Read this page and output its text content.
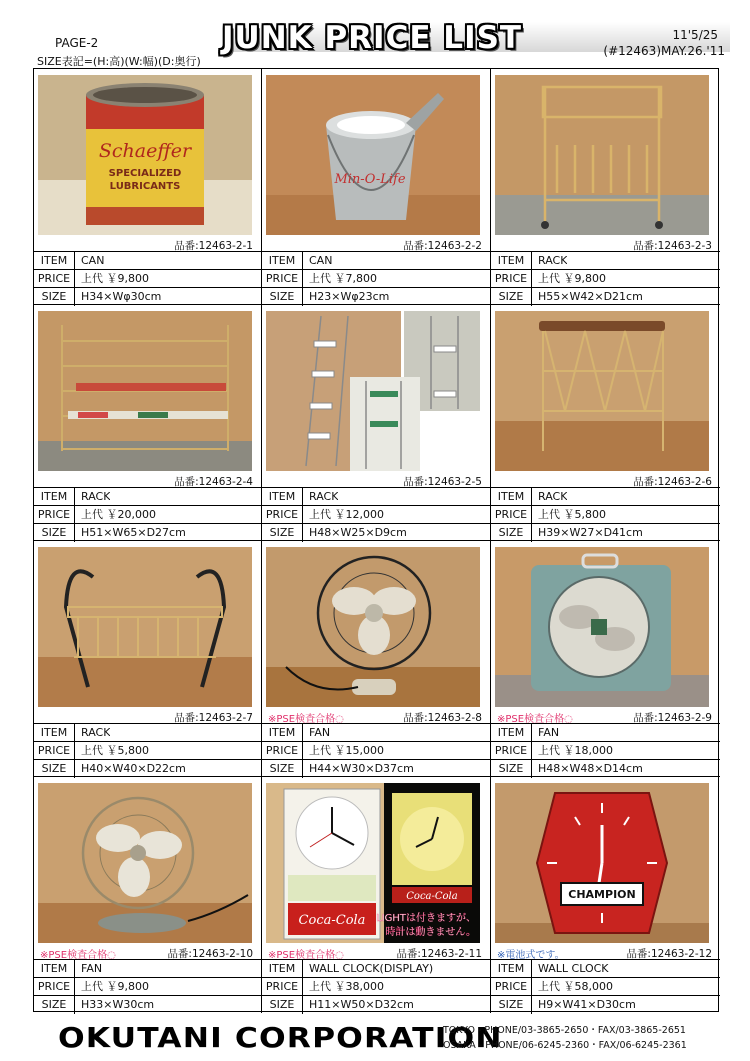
PAGE-2
SIZE表記=(H:高)(W:幅)(D:奥行)
JUNK PRICE LIST	11'5/25
(#12463)MAY.26.'11
Schaeffer
SPECIALIZED
LUBRICANTS
品番:12463-2-1
ITEM	CAN
PRICE 上代 ￥9,800
SIZE	H34×Wφ30cm
Min-O-Life
品番:12463-2-2
ITEM	CAN
PRICE 上代 ￥7,800
SIZE	H23×Wφ23cm
品番:12463-2-3
ITEM	RACK
PRICE 上代 ￥9,800
SIZE	H55×W42×D21cm
品番:12463-2-4
ITEM	RACK
PRICE 上代 ￥20,000
SIZE	H51×W65×D27cm
品番:12463-2-5
ITEM	RACK
PRICE 上代 ￥12,000
SIZE	H48×W25×D9cm
品番:12463-2-6
ITEM	RACK
PRICE 上代 ￥5,800
SIZE	H39×W27×D41cm
品番:12463-2-7
ITEM	RACK
PRICE 上代 ￥5,800
SIZE	H40×W40×D22cm
※PSE検査合格◌	品番:12463-2-8
ITEM	FAN
PRICE 上代 ￥15,000
SIZE	H44×W30×D37cm
※PSE検査合格◌	品番:12463-2-9
ITEM	FAN
PRICE 上代 ￥18,000
SIZE	H48×W48×D14cm
※PSE検査合格◌	品番:12463-2-10
ITEM	FAN
PRICE 上代 ￥9,800
SIZE	H33×W30cm
Coca-Cola
Coca-Cola
LIGHTは付きますが、
時計は動きません。
※PSE検査合格◌	品番:12463-2-11
ITEM	WALL CLOCK(DISPLAY)
PRICE 上代 ￥38,000
SIZE	H11×W50×D32cm
CHAMPION
※電池式です。	品番:12463-2-12
ITEM	WALL CLOCK
PRICE 上代 ￥58,000
SIZE	H9×W41×D30cm
OKUTANI CORPORATION
TOKYO - PHONE/03-3865-2650・FAX/03-3865-2651
OSAKA - PHONE/06-6245-2360・FAX/06-6245-2361
